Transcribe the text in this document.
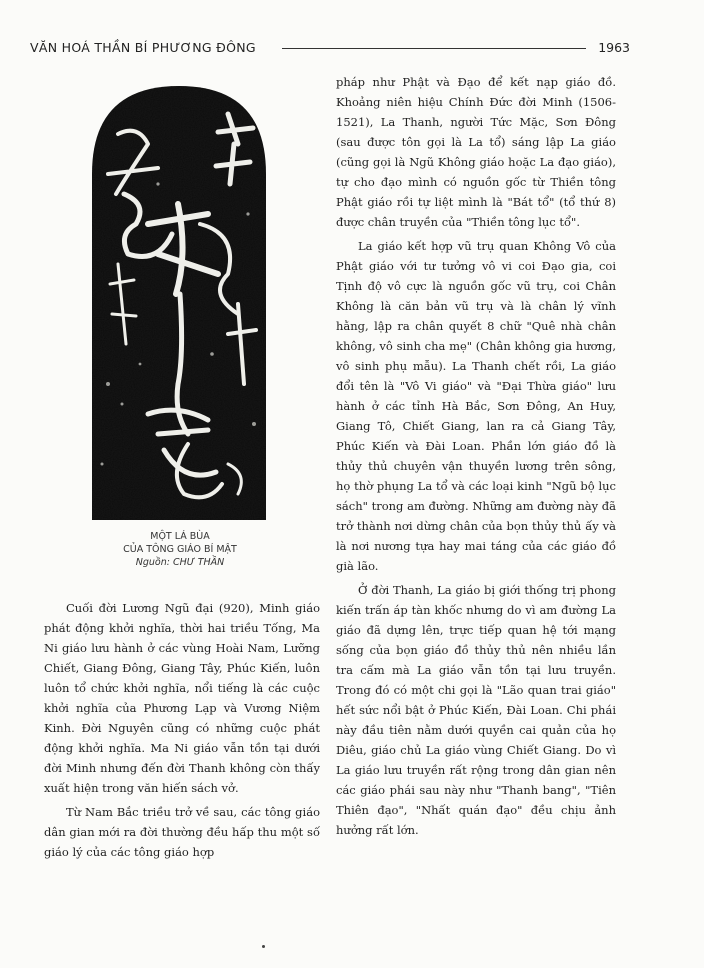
VĂN HOÁ THẦN BÍ PHƯƠNG ĐÔNG	1963
MỘT LÁ BÙA
CỦA TÔNG GIÁO BÍ MẬT
Nguồn: CHƯ THẦN

Cuối đời Lương Ngũ đại (920), Minh giáo phát động khởi nghĩa, thời hai triều Tống, Ma Ni giáo lưu hành ở các vùng Hoài Nam, Lưỡng Chiết, Giang Đông, Giang Tây, Phúc Kiến, luôn luôn tổ chức khởi nghĩa, nổi tiếng là các cuộc khởi nghĩa của Phương Lạp và Vương Niệm Kinh. Đời Nguyên cũng có những cuộc phát động khởi nghĩa. Ma Ni giáo vẫn tồn tại dưới đời Minh nhưng đến đời Thanh không còn thấy xuất hiện trong văn hiến sách vở.

Từ Nam Bắc triều trở về sau, các tông giáo dân gian mới ra đời thường đều hấp thu một số giáo lý của các tông giáo hợp

pháp như Phật và Đạo để kết nạp giáo đồ. Khoảng niên hiệu Chính Đức đời Minh (1506-1521), La Thanh, người Tức Mặc, Sơn Đông (sau được tôn gọi là La tổ) sáng lập La giáo (cũng gọi là Ngũ Không giáo hoặc La đạo giáo), tự cho đạo mình có nguồn gốc từ Thiền tông Phật giáo rồi tự liệt mình là "Bát tổ" (tổ thứ 8) được chân truyền của "Thiền tông lục tổ".

La giáo kết hợp vũ trụ quan Không Vô của Phật giáo với tư tưởng vô vi coi Đạo gia, coi Tịnh độ vô cực là nguồn gốc vũ trụ, coi Chân Không là căn bản vũ trụ và là chân lý vĩnh hằng, lập ra chân quyết 8 chữ "Quê nhà chân không, vô sinh cha mẹ" (Chân không gia hương, vô sinh phụ mẫu). La Thanh chết rồi, La giáo đổi tên là "Vô Vi giáo" và "Đại Thừa giáo" lưu hành ở các tỉnh Hà Bắc, Sơn Đông, An Huy, Giang Tô, Chiết Giang, lan ra cả Giang Tây, Phúc Kiến và Đài Loan. Phần lớn giáo đồ là thủy thủ chuyên vận thuyền lương trên sông, họ thờ phụng La tổ và các loại kinh "Ngũ bộ lục sách" trong am đường. Những am đường này đã trở thành nơi dừng chân của bọn thủy thủ ấy và là nơi nương tựa hay mai táng của các giáo đồ già lão.

Ở đời Thanh, La giáo bị giới thống trị phong kiến trấn áp tàn khốc nhưng do vì am đường La giáo đã dựng lên, trực tiếp quan hệ tới mạng sống của bọn giáo đồ thủy thủ nên nhiều lần tra cấm mà La giáo vẫn tồn tại lưu truyền. Trong đó có một chi gọi là "Lão quan trai giáo" hết sức nổi bật ở Phúc Kiến, Đài Loan. Chi phái này đầu tiên nằm dưới quyền cai quản của họ Diêu, giáo chủ La giáo vùng Chiết Giang. Do vì La giáo lưu truyền rất rộng trong dân gian nên các giáo phái sau này như "Thanh bang", "Tiên Thiên đạo", "Nhất quán đạo" đều chịu ảnh hưởng rất lớn.
